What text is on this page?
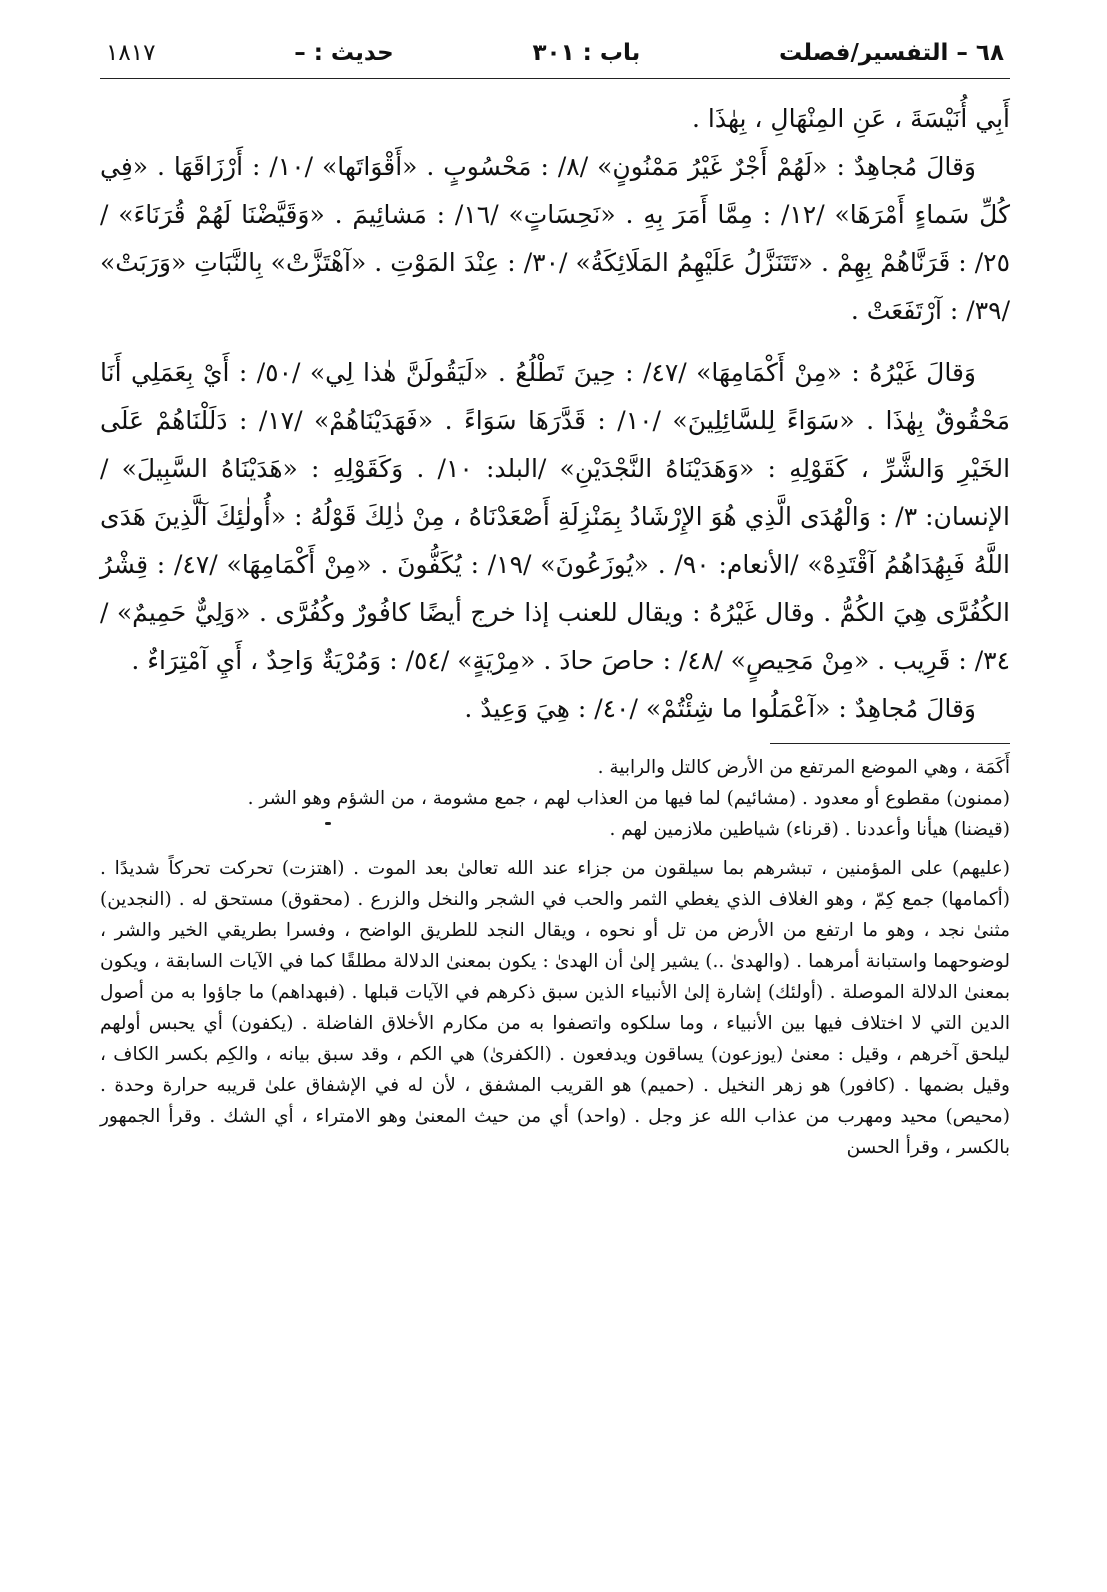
٦٨ – التفسير/فصلت
باب : ٣٠١
حديث : –
١٨١٧

أَبِي أُنَيْسَةَ ، عَنِ المِنْهَالِ ، بِهٰذَا .

وَقالَ مُجاهِدٌ : «لَهُمْ أَجْرٌ غَيْرُ مَمْنُونٍ» /٨/ : مَحْسُوبٍ . «أَقْوَاتَها» /١٠/ : أَرْزَاقَهَا . «فِي كُلِّ سَماءٍ أَمْرَهَا» /١٢/ : مِمَّا أَمَرَ بِهِ . «نَحِسَاتٍ» /١٦/ : مَشائِيمَ . «وَقَيَّضْنَا لَهُمْ قُرَنَاءَ» /٢٥/ : قَرَنَّاهُمْ بِهِمْ . «تَتَنَزَّلُ عَلَيْهِمُ المَلَائِكَةُ» /٣٠/ : عِنْدَ المَوْتِ . «آهْتَزَّتْ» بِالنَّبَاتِ «وَرَبَتْ» /٣٩/ : آرْتَفَعَتْ .

وَقالَ غَيْرُهُ : «مِنْ أَكْمَامِهَا» /٤٧/ : حِينَ تَطْلُعُ . «لَيَقُولَنَّ هٰذا لِي» /٥٠/ : أَيْ بِعَمَلِي أَنَا مَحْقُوقٌ بِهٰذَا . «سَوَاءً لِلسَّائِلِينَ» /١٠/ : قَدَّرَهَا سَوَاءً . «فَهَدَيْنَاهُمْ» /١٧/ : دَلَلْنَاهُمْ عَلَى الخَيْرِ وَالشَّرِّ ، كَقَوْلِهِ : «وَهَدَيْنَاهُ النَّجْدَيْنِ» /البلد: ١٠/ . وَكَقَوْلِهِ : «هَدَيْنَاهُ السَّبِيلَ» /الإنسان: ٣/ : وَالْهُدَى الَّذِي هُوَ الإِرْشَادُ بِمَنْزِلَةِ أَصْعَدْنَاهُ ، مِنْ ذٰلِكَ قَوْلُهُ : «أُولٰئِكَ آلَّذِينَ هَدَى اللَّهُ فَبِهُدَاهُمُ آقْتَدِهْ» /الأنعام: ٩٠/ . «يُوزَعُونَ» /١٩/ : يُكَفُّونَ . «مِنْ أَكْمَامِهَا» /٤٧/ : قِشْرُ الكُفُرَّى هِيَ الكُمُّ . وقال غَيْرُهُ : ويقال للعنب إذا خرج أيضًا كافُورٌ وكُفُرَّى . «وَلِيٌّ حَمِيمٌ» /٣٤/ : قَرِيب . «مِنْ مَحِيصٍ» /٤٨/ : حاصَ حادَ . «مِرْيَةٍ» /٥٤/ : وَمُرْيَةٌ وَاحِدٌ ، أَيِ آمْتِرَاءٌ .

وَقالَ مُجاهِدٌ : «آعْمَلُوا ما شِئْتُمْ» /٤٠/ : هِيَ وَعِيدٌ .

أَكَمَة ، وهي الموضع المرتفع من الأرض كالتل والرابية .

(ممنون) مقطوع أو معدود . (مشائيم) لما فيها من العذاب لهم ، جمع مشومة ، من الشؤم وهو الشر .

(قيضنا) هيأنا وأعددنا . (قرناء) شياطين ملازمين لهم .

(عليهم) على المؤمنين ، تبشرهم بما سيلقون من جزاء عند الله تعالىٰ بعد الموت . (اهتزت) تحركت تحركاً شديدًا . (أكمامها) جمع كِمّ ، وهو الغلاف الذي يغطي الثمر والحب في الشجر والنخل والزرع . (محقوق) مستحق له . (النجدين) مثنىٰ نجد ، وهو ما ارتفع من الأرض من تل أو نحوه ، ويقال النجد للطريق الواضح ، وفسرا بطريقي الخير والشر ، لوضوحهما واستبانة أمرهما . (والهدىٰ ..) يشير إلىٰ أن الهدىٰ : يكون بمعنىٰ الدلالة مطلقًا كما في الآيات السابقة ، ويكون بمعنىٰ الدلالة الموصلة . (أولئك) إشارة إلىٰ الأنبياء الذين سبق ذكرهم في الآيات قبلها . (فبهداهم) ما جاؤوا به من أصول الدين التي لا اختلاف فيها بين الأنبياء ، وما سلكوه واتصفوا به من مكارم الأخلاق الفاضلة . (يكفون) أي يحبس أولهم ليلحق آخرهم ، وقيل : معنىٰ (يوزعون) يساقون ويدفعون . (الكفرىٰ) هي الكم ، وقد سبق بيانه ، والكِم بكسر الكاف ، وقيل بضمها . (كافور) هو زهر النخيل . (حميم) هو القريب المشفق ، لأن له في الإشفاق علىٰ قريبه حرارة وحدة . (محيص) محيد ومهرب من عذاب الله عز وجل . (واحد) أي من حيث المعنىٰ وهو الامتراء ، أي الشك . وقرأ الجمهور بالكسر ، وقرأ الحسن
